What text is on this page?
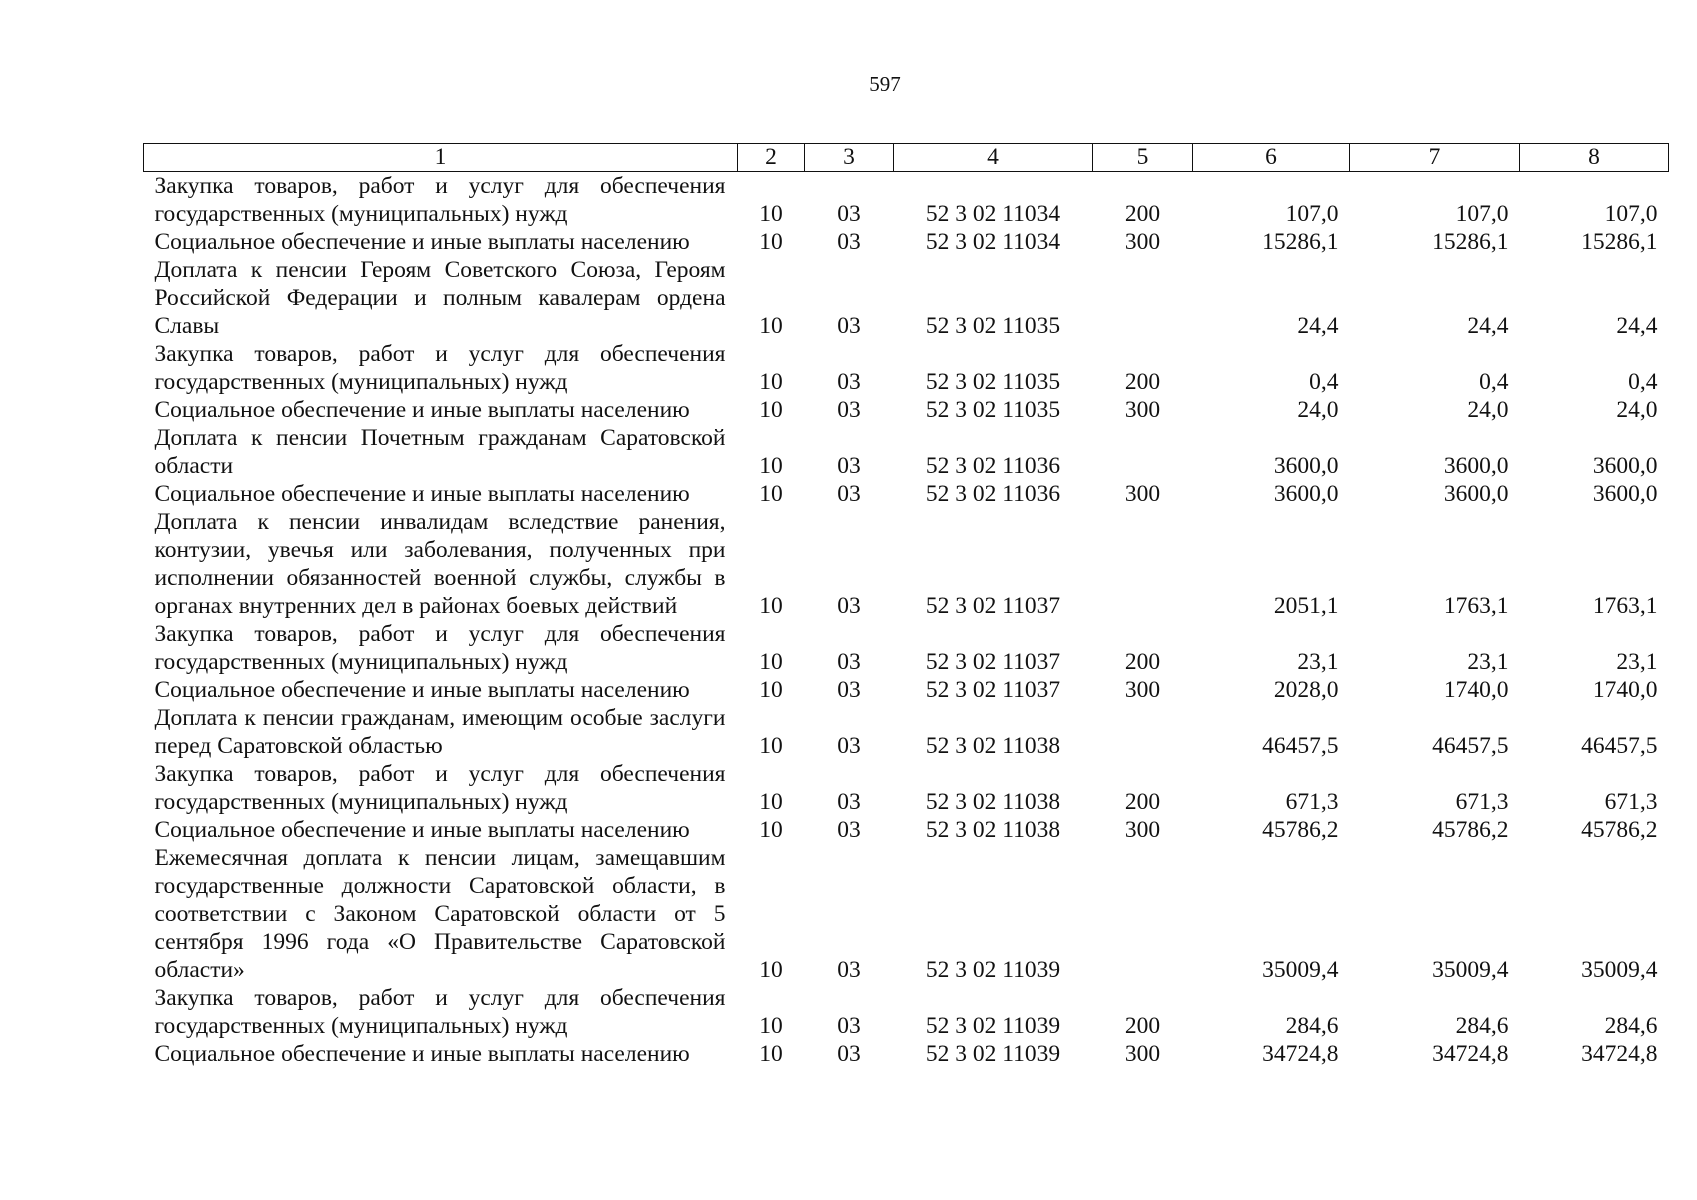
597
1	2	3	4	5	6	7	8
Закупка товаров, работ и услуг для обеспечения государственных (муниципальных) нужд	10	03	52 3 02 11034	200	107,0	107,0	107,0
Социальное обеспечение и иные выплаты населению	10	03	52 3 02 11034	300	15286,1	15286,1	15286,1
Доплата к пенсии Героям Советского Союза, Героям Российской Федерации и полным кавалерам ордена Славы	10	03	52 3 02 11035		24,4	24,4	24,4
Закупка товаров, работ и услуг для обеспечения государственных (муниципальных) нужд	10	03	52 3 02 11035	200	0,4	0,4	0,4
Социальное обеспечение и иные выплаты населению	10	03	52 3 02 11035	300	24,0	24,0	24,0
Доплата к пенсии Почетным гражданам Саратовской области	10	03	52 3 02 11036		3600,0	3600,0	3600,0
Социальное обеспечение и иные выплаты населению	10	03	52 3 02 11036	300	3600,0	3600,0	3600,0
Доплата к пенсии инвалидам вследствие ранения, контузии, увечья или заболевания, полученных при исполнении обязанностей военной службы, службы в органах внутренних дел в районах боевых действий	10	03	52 3 02 11037		2051,1	1763,1	1763,1
Закупка товаров, работ и услуг для обеспечения государственных (муниципальных) нужд	10	03	52 3 02 11037	200	23,1	23,1	23,1
Социальное обеспечение и иные выплаты населению	10	03	52 3 02 11037	300	2028,0	1740,0	1740,0
Доплата к пенсии гражданам, имеющим особые заслуги перед Саратовской областью	10	03	52 3 02 11038		46457,5	46457,5	46457,5
Закупка товаров, работ и услуг для обеспечения государственных (муниципальных) нужд	10	03	52 3 02 11038	200	671,3	671,3	671,3
Социальное обеспечение и иные выплаты населению	10	03	52 3 02 11038	300	45786,2	45786,2	45786,2
Ежемесячная доплата к пенсии лицам, замещавшим государственные должности Саратовской области, в соответствии с Законом Саратовской области от 5 сентября 1996 года «О Правительстве Саратовской области»	10	03	52 3 02 11039		35009,4	35009,4	35009,4
Закупка товаров, работ и услуг для обеспечения государственных (муниципальных) нужд	10	03	52 3 02 11039	200	284,6	284,6	284,6
Социальное обеспечение и иные выплаты населению	10	03	52 3 02 11039	300	34724,8	34724,8	34724,8
